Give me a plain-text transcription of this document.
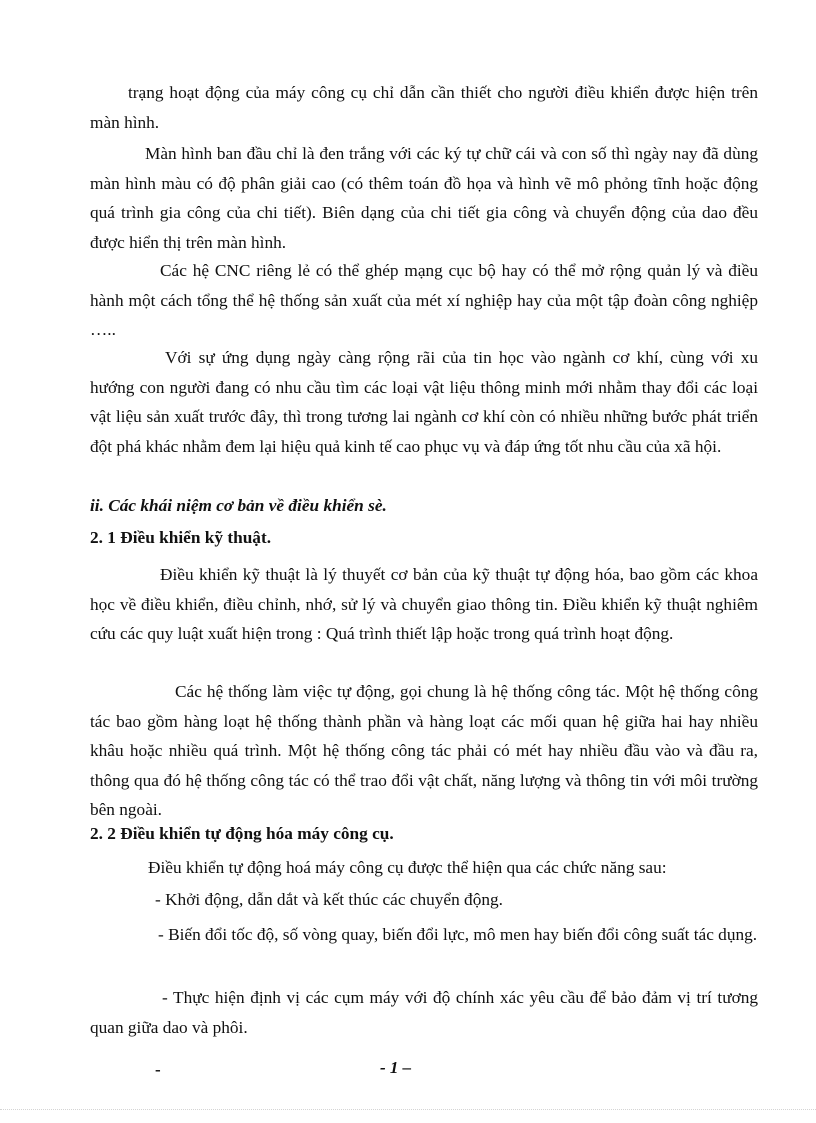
trạng hoạt động của máy công cụ chỉ dẫn cần thiết cho người điều khiển được hiện trên màn hình.

Màn hình ban đầu chỉ là đen trắng với các ký tự chữ cái và con số thì ngày nay đã dùng màn hình màu có độ phân giải cao (có thêm toán đồ họa và hình vẽ mô phỏng tĩnh hoặc động quá trình gia công của chi tiết). Biên dạng của chi tiết gia công và chuyển động của dao đều được hiển thị trên màn hình.

Các hệ CNC riêng lẻ có thể ghép mạng cục bộ hay có thể mở rộng quản lý và điều hành một cách tổng thể hệ thống sản xuất của mét xí nghiệp hay của một tập đoàn công nghiệp …..

Với sự ứng dụng ngày càng rộng rãi của tin học vào ngành cơ khí, cùng với xu hướng con người đang có nhu cầu tìm các loại vật liệu thông minh mới nhằm thay đổi các loại vật liệu sản xuất trước đây, thì trong tương lai ngành cơ khí còn có nhiều những bước phát triển đột phá khác nhằm đem lại hiệu quả kinh tế cao phục vụ và đáp ứng tốt nhu cầu của xã hội.

ii. Các khái niệm cơ bản về điều khiển sè.

2. 1 Điều khiển kỹ thuật.

Điều khiển kỹ thuật là lý thuyết cơ bản của kỹ thuật tự động hóa, bao gồm các khoa học về điều khiển, điều chỉnh, nhớ, sử lý và chuyển giao thông tin. Điều khiển kỹ thuật nghiêm cứu các quy luật xuất hiện trong : Quá trình thiết lập hoặc trong quá trình hoạt động.

Các hệ thống làm việc tự động, gọi chung là hệ thống công tác. Một hệ thống công tác bao gồm hàng loạt hệ thống thành phần và hàng loạt các mối quan hệ giữa hai hay nhiều khâu hoặc nhiều quá trình. Một hệ thống công tác phải có mét hay nhiều đầu vào và đầu ra, thông qua đó hệ thống công tác có thể trao đổi vật chất, năng lượng và thông tin với môi trường bên ngoài.

2. 2 Điều khiển tự động hóa máy công cụ.

Điều khiển tự động hoá máy công cụ được thể hiện qua các chức năng sau:

- Khởi động, dẫn dắt và kết thúc các chuyển động.

- Biến đổi tốc độ, số vòng quay, biến đổi lực, mô men hay biến đổi công suất tác dụng.

- Thực hiện định vị các cụm máy với độ chính xác yêu cầu để bảo đảm vị trí tương quan giữa dao và phôi.

-	- 1 –
